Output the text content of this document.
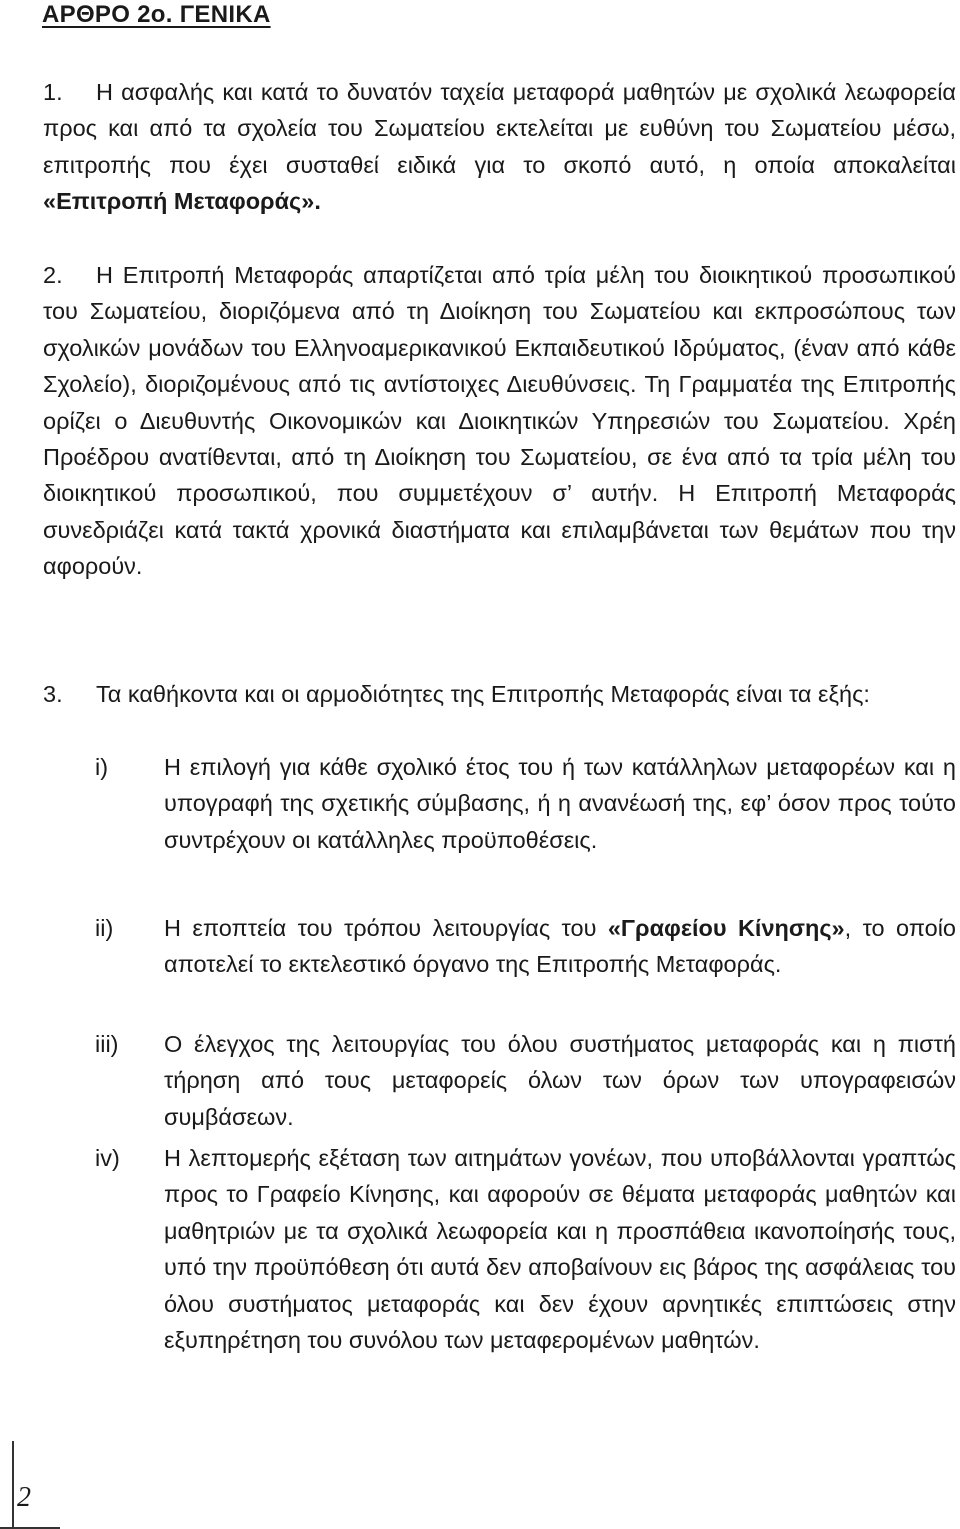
ΑΡΘΡΟ 2ο. ΓΕΝΙΚΑ
1.	Η ασφαλής και κατά το δυνατόν ταχεία μεταφορά μαθητών με σχολικά λεωφορεία προς και από τα σχολεία του Σωματείου εκτελείται με ευθύνη του Σωματείου μέσω, επιτροπής που έχει συσταθεί ειδικά για το σκοπό αυτό, η οποία αποκαλείται «Επιτροπή Μεταφοράς».
2.	Η Επιτροπή Μεταφοράς απαρτίζεται από τρία μέλη του διοικητικού προσωπικού του Σωματείου, διοριζόμενα από τη Διοίκηση του Σωματείου και εκπροσώπους των σχολικών μονάδων του Ελληνοαμερικανικού Εκπαιδευτικού Ιδρύματος, (έναν από κάθε Σχολείο), διοριζομένους από τις αντίστοιχες Διευθύνσεις. Τη Γραμματέα της Επιτροπής ορίζει ο Διευθυντής Οικονομικών και Διοικητικών Υπηρεσιών του Σωματείου. Χρέη Προέδρου ανατίθενται, από τη Διοίκηση του Σωματείου, σε ένα από τα τρία μέλη του διοικητικού προσωπικού, που συμμετέχουν σ’ αυτήν. Η Επιτροπή Μεταφοράς συνεδριάζει κατά τακτά χρονικά διαστήματα και επιλαμβάνεται των θεμάτων που την αφορούν.
3.	Τα καθήκοντα και οι αρμοδιότητες της Επιτροπής Μεταφοράς είναι τα εξής:
i) Η επιλογή για κάθε σχολικό έτος του ή των κατάλληλων μεταφορέων και η υπογραφή της σχετικής σύμβασης, ή η ανανέωσή της, εφ’ όσον προς τούτο συντρέχουν οι κατάλληλες προϋποθέσεις.
ii) Η εποπτεία του τρόπου λειτουργίας του «Γραφείου Κίνησης», το οποίο αποτελεί το εκτελεστικό όργανο της Επιτροπής Μεταφοράς.
iii) Ο έλεγχος της λειτουργίας του όλου συστήματος μεταφοράς και η πιστή τήρηση από τους μεταφορείς όλων των όρων των υπογραφεισών συμβάσεων.
iv) Η λεπτομερής εξέταση των αιτημάτων γονέων, που υποβάλλονται γραπτώς προς το Γραφείο Κίνησης, και αφορούν σε θέματα μεταφοράς μαθητών και μαθητριών με τα σχολικά λεωφορεία και η προσπάθεια ικανοποίησής τους, υπό την προϋπόθεση ότι αυτά δεν αποβαίνουν εις βάρος της ασφάλειας του όλου συστήματος μεταφοράς και δεν έχουν αρνητικές επιπτώσεις στην εξυπηρέτηση του συνόλου των μεταφερομένων μαθητών.
2
